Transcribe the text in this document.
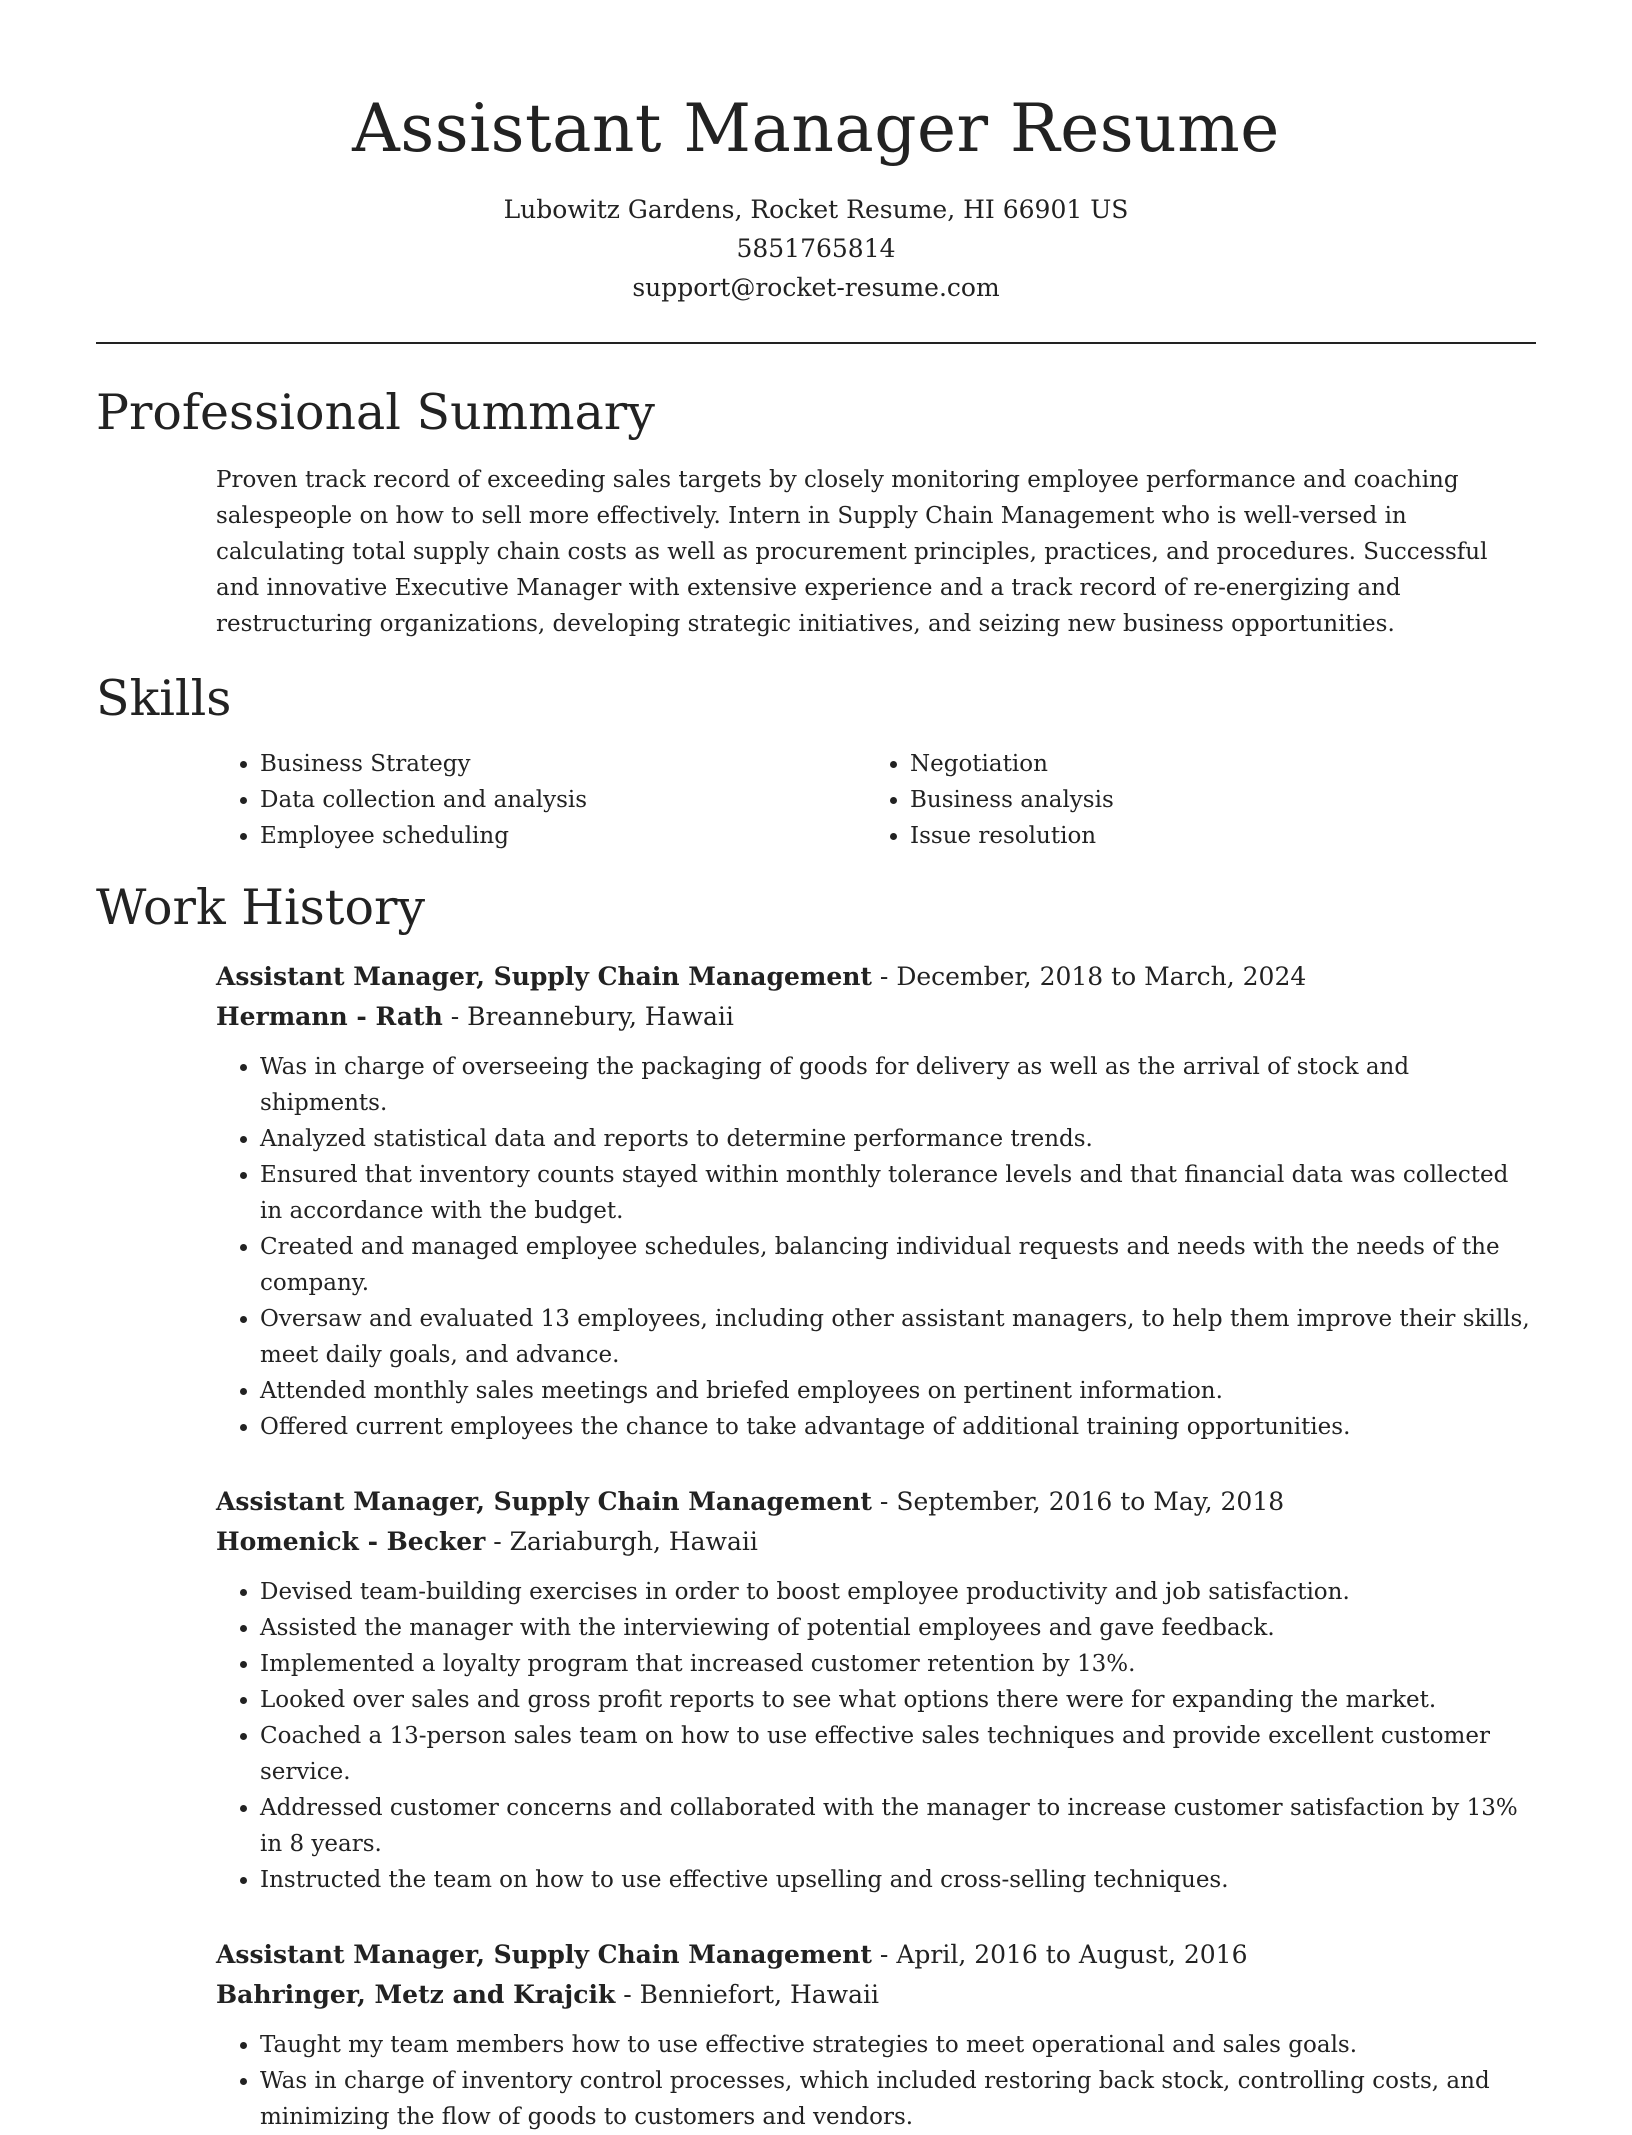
Assistant Manager Resume
Lubowitz Gardens, Rocket Resume, HI 66901 US
5851765814
support@rocket-resume.com
Professional Summary

Proven track record of exceeding sales targets by closely monitoring employee performance and coaching salespeople on how to sell more effectively. Intern in Supply Chain Management who is well-versed in calculating total supply chain costs as well as procurement principles, practices, and procedures. Successful and innovative Executive Manager with extensive experience and a track record of re-energizing and restructuring organizations, developing strategic initiatives, and seizing new business opportunities.

Skills
• Business Strategy
• Data collection and analysis
• Employee scheduling
• Negotiation
• Business analysis
• Issue resolution
Work History
Assistant Manager, Supply Chain Management - December, 2018 to March, 2024
Hermann - Rath - Breannebury, Hawaii
• Was in charge of overseeing the packaging of goods for delivery as well as the arrival of stock and shipments.
• Analyzed statistical data and reports to determine performance trends.
• Ensured that inventory counts stayed within monthly tolerance levels and that financial data was collected in accordance with the budget.
• Created and managed employee schedules, balancing individual requests and needs with the needs of the company.
• Oversaw and evaluated 13 employees, including other assistant managers, to help them improve their skills, meet daily goals, and advance.
• Attended monthly sales meetings and briefed employees on pertinent information.
• Offered current employees the chance to take advantage of additional training opportunities.
Assistant Manager, Supply Chain Management - September, 2016 to May, 2018
Homenick - Becker - Zariaburgh, Hawaii
• Devised team-building exercises in order to boost employee productivity and job satisfaction.
• Assisted the manager with the interviewing of potential employees and gave feedback.
• Implemented a loyalty program that increased customer retention by 13%.
• Looked over sales and gross profit reports to see what options there were for expanding the market.
• Coached a 13-person sales team on how to use effective sales techniques and provide excellent customer service.
• Addressed customer concerns and collaborated with the manager to increase customer satisfaction by 13% in 8 years.
• Instructed the team on how to use effective upselling and cross-selling techniques.
Assistant Manager, Supply Chain Management - April, 2016 to August, 2016
Bahringer, Metz and Krajcik - Benniefort, Hawaii
• Taught my team members how to use effective strategies to meet operational and sales goals.
• Was in charge of inventory control processes, which included restoring back stock, controlling costs, and minimizing the flow of goods to customers and vendors.
